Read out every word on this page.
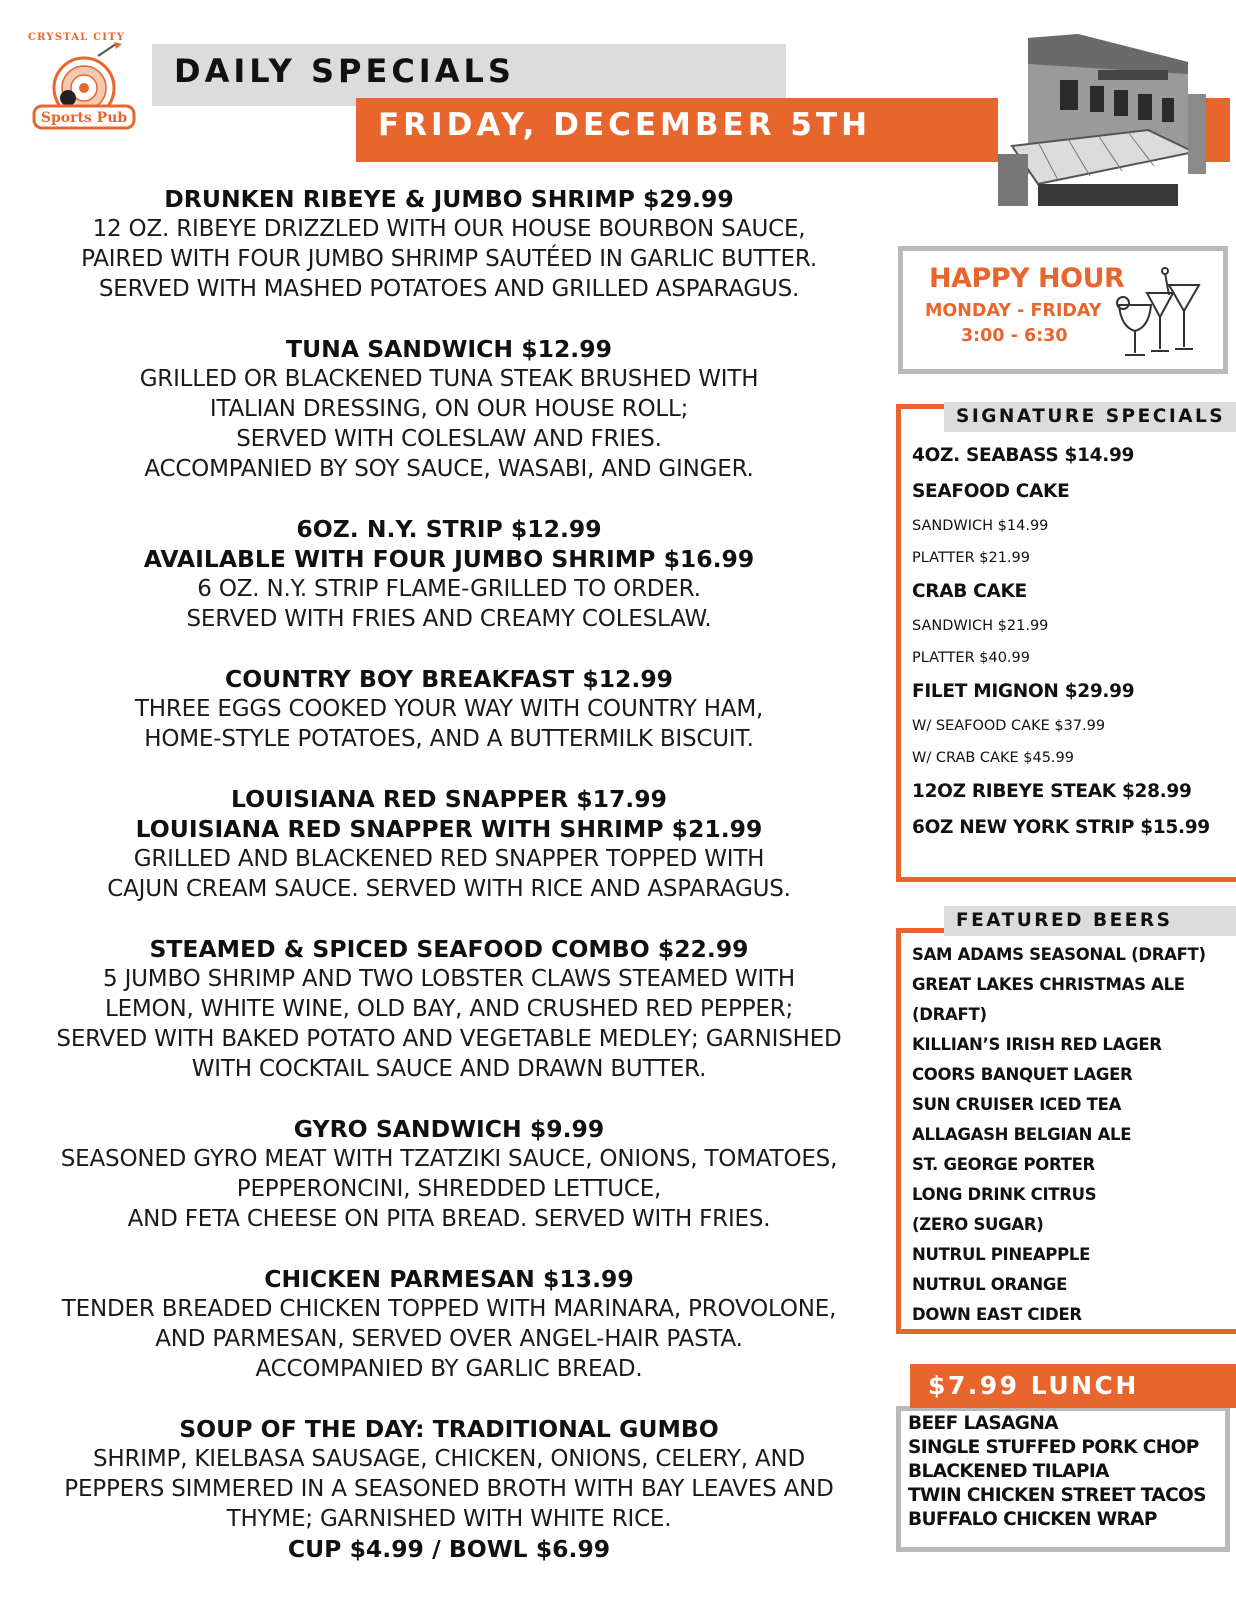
CRYSTAL CITY
Sports Pub
DAILY SPECIALS
FRIDAY, DECEMBER 5TH
DRUNKEN RIBEYE & JUMBO SHRIMP $29.99
12 OZ. RIBEYE DRIZZLED WITH OUR HOUSE BOURBON SAUCE,
PAIRED WITH FOUR JUMBO SHRIMP SAUTÉED IN GARLIC BUTTER.
SERVED WITH MASHED POTATOES AND GRILLED ASPARAGUS.
TUNA SANDWICH $12.99
GRILLED OR BLACKENED TUNA STEAK BRUSHED WITH
ITALIAN DRESSING, ON OUR HOUSE ROLL;
SERVED WITH COLESLAW AND FRIES.
ACCOMPANIED BY SOY SAUCE, WASABI, AND GINGER.
6OZ. N.Y. STRIP $12.99
AVAILABLE WITH FOUR JUMBO SHRIMP $16.99
6 OZ. N.Y. STRIP FLAME-GRILLED TO ORDER.
SERVED WITH FRIES AND CREAMY COLESLAW.
COUNTRY BOY BREAKFAST $12.99
THREE EGGS COOKED YOUR WAY WITH COUNTRY HAM,
HOME-STYLE POTATOES, AND A BUTTERMILK BISCUIT.
LOUISIANA RED SNAPPER $17.99
LOUISIANA RED SNAPPER WITH SHRIMP $21.99
GRILLED AND BLACKENED RED SNAPPER TOPPED WITH
CAJUN CREAM SAUCE. SERVED WITH RICE AND ASPARAGUS.
STEAMED & SPICED SEAFOOD COMBO $22.99
5 JUMBO SHRIMP AND TWO LOBSTER CLAWS STEAMED WITH
LEMON, WHITE WINE, OLD BAY, AND CRUSHED RED PEPPER;
SERVED WITH BAKED POTATO AND VEGETABLE MEDLEY; GARNISHED
WITH COCKTAIL SAUCE AND DRAWN BUTTER.
GYRO SANDWICH $9.99
SEASONED GYRO MEAT WITH TZATZIKI SAUCE, ONIONS, TOMATOES,
PEPPERONCINI, SHREDDED LETTUCE,
AND FETA CHEESE ON PITA BREAD. SERVED WITH FRIES.
CHICKEN PARMESAN $13.99
TENDER BREADED CHICKEN TOPPED WITH MARINARA, PROVOLONE,
AND PARMESAN, SERVED OVER ANGEL-HAIR PASTA.
ACCOMPANIED BY GARLIC BREAD.
SOUP OF THE DAY: TRADITIONAL GUMBO
SHRIMP, KIELBASA SAUSAGE, CHICKEN, ONIONS, CELERY, AND
PEPPERS SIMMERED IN A SEASONED BROTH WITH BAY LEAVES AND
THYME; GARNISHED WITH WHITE RICE.
CUP $4.99 / BOWL $6.99
HAPPY HOUR
MONDAY - FRIDAY
3:00 - 6:30
SIGNATURE SPECIALS
4OZ. SEABASS $14.99
SEAFOOD CAKE
SANDWICH $14.99
PLATTER $21.99
CRAB CAKE
SANDWICH $21.99
PLATTER $40.99
FILET MIGNON $29.99
W/ SEAFOOD CAKE $37.99
W/ CRAB CAKE $45.99
12OZ RIBEYE STEAK $28.99
6OZ NEW YORK STRIP $15.99
FEATURED BEERS
SAM ADAMS SEASONAL (DRAFT)
GREAT LAKES CHRISTMAS ALE
(DRAFT)
KILLIAN’S IRISH RED LAGER
COORS BANQUET LAGER
SUN CRUISER ICED TEA
ALLAGASH BELGIAN ALE
ST. GEORGE PORTER
LONG DRINK CITRUS
(ZERO SUGAR)
NUTRUL PINEAPPLE
NUTRUL ORANGE
DOWN EAST CIDER
$7.99 LUNCH
BEEF LASAGNA
SINGLE STUFFED PORK CHOP
BLACKENED TILAPIA
TWIN CHICKEN STREET TACOS
BUFFALO CHICKEN WRAP
